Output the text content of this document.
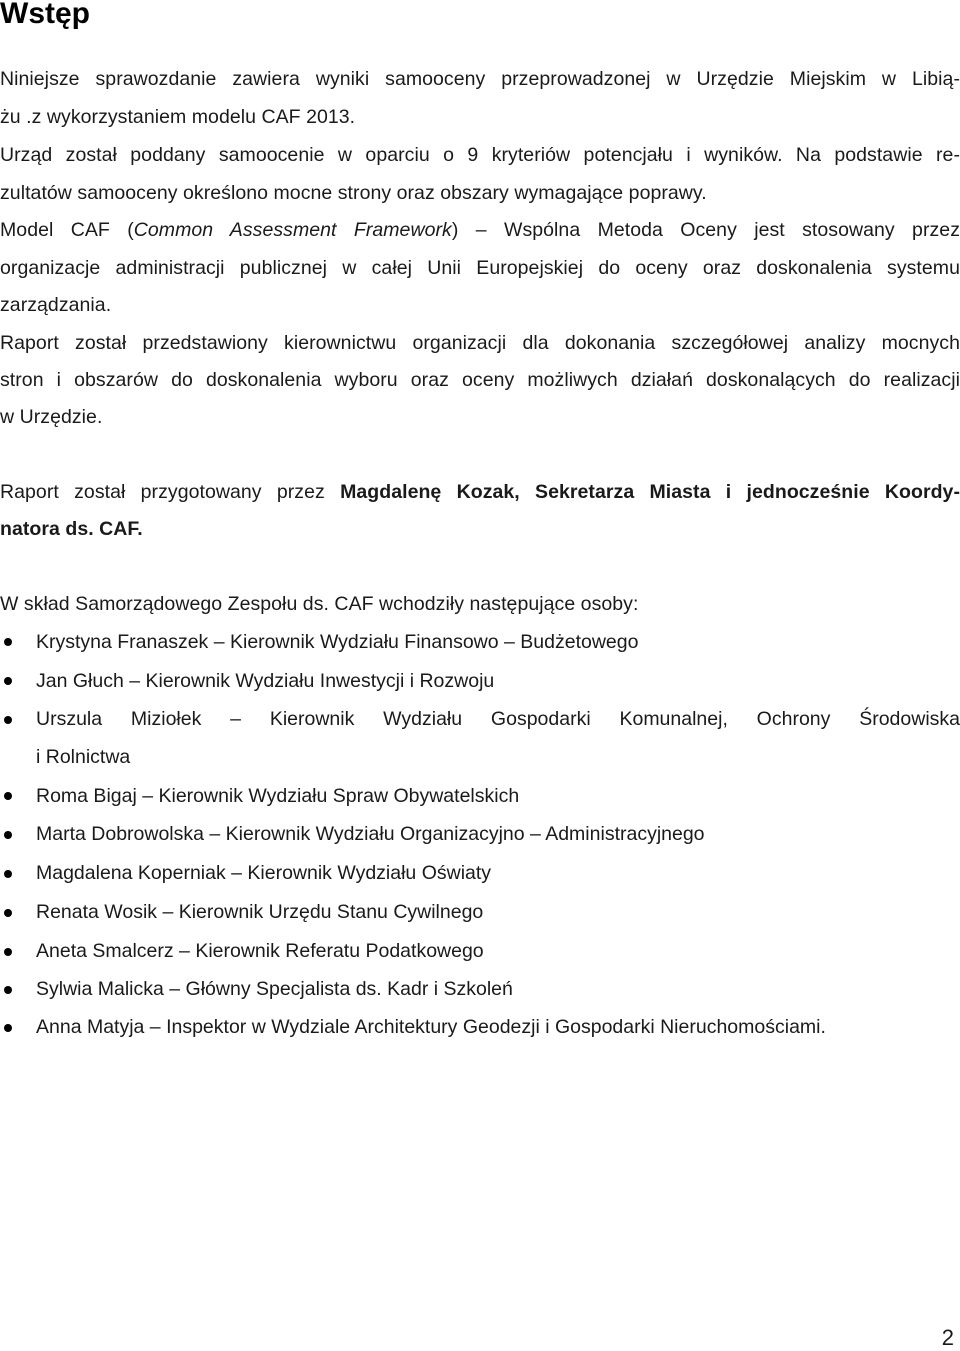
Wstęp
Niniejsze sprawozdanie zawiera wyniki samooceny przeprowadzonej w Urzędzie Miejskim w Libią-
żu .z wykorzystaniem modelu CAF 2013.
Urząd został poddany samoocenie w oparciu o 9 kryteriów potencjału i wyników. Na podstawie re-
zultatów samooceny określono mocne strony oraz obszary wymagające poprawy.
Model CAF (Common Assessment Framework) – Wspólna Metoda Oceny jest stosowany przez
organizacje administracji publicznej w całej Unii Europejskiej do oceny oraz doskonalenia systemu
zarządzania.
Raport został przedstawiony kierownictwu organizacji dla dokonania szczegółowej analizy mocnych
stron i obszarów do doskonalenia wyboru oraz oceny możliwych działań doskonalących do realizacji
w Urzędzie.
Raport został przygotowany przez Magdalenę Kozak, Sekretarza Miasta i jednocześnie Koordy-
natora ds. CAF.
W skład Samorządowego Zespołu ds. CAF wchodziły następujące osoby:
Krystyna Franaszek – Kierownik Wydziału Finansowo – Budżetowego
Jan Głuch – Kierownik Wydziału Inwestycji i Rozwoju
Urszula Miziołek – Kierownik Wydziału Gospodarki Komunalnej, Ochrony Środowiska
i Rolnictwa
Roma Bigaj – Kierownik Wydziału Spraw Obywatelskich
Marta Dobrowolska – Kierownik Wydziału Organizacyjno – Administracyjnego
Magdalena Koperniak – Kierownik Wydziału Oświaty
Renata Wosik – Kierownik Urzędu Stanu Cywilnego
Aneta Smalcerz – Kierownik Referatu Podatkowego
Sylwia Malicka – Główny Specjalista ds. Kadr i Szkoleń
Anna Matyja – Inspektor w Wydziale Architektury Geodezji i Gospodarki Nieruchomościami.
2
